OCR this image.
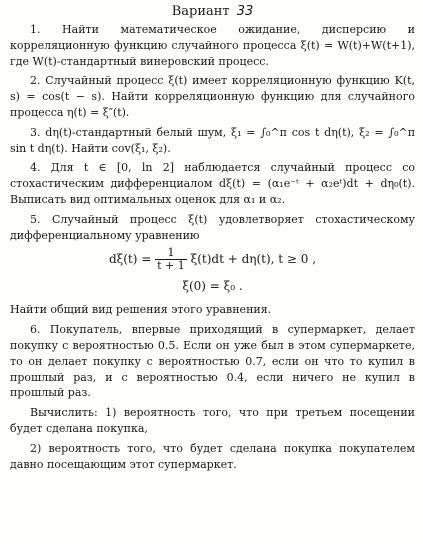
Вариант 33

1. Найти математическое ожидание, дисперсию и корреляционную функцию случайного процесса ξ(t) = W(t)+W(t+1), где W(t)-стандартный винеровский процесс.

2. Случайный процесс ξ(t) имеет корреляционную функцию K(t, s) = cos(t − s). Найти корреляционную функцию для случайного процесса η(t) = ξ″(t).

3. dη(t)-стандартный белый шум, ξ₁ = ∫₀^π cos t dη(t), ξ₂ = ∫₀^π sin t dη(t). Найти cov(ξ₁, ξ₂).

4. Для t ∈ [0, ln 2] наблюдается случайный процесс со стохастическим дифференциалом dξ(t) = (α₁e⁻ᵗ + α₂eᵗ)dt + dη₀(t). Выписать вид оптимальных оценок для α₁ и α₂.

5. Случайный процесс ξ(t) удовлетворяет стохастическому дифференциальному уравнению

$d\xi(t) = \frac{1}{t + 1} \xi(t)dt + d\eta(t)$, t ≥ 0 ,
ξ(0) = ξ₀ .

Найти общий вид решения этого уравнения.

6. Покупатель, впервые приходящий в супермаркет, делает покупку с вероятностью 0.5. Если он уже был в этом супермаркете, то он делает покупку с вероятностью 0.7, если он что то купил в прошлый раз, и с вероятностью 0.4, если ничего не купил в прошлый раз.

Вычислить: 1) вероятность того, что при третьем посещении будет сделана покупка,

2) вероятность того, что будет сделана покупка покупателем давно посещающим этот супермаркет.
